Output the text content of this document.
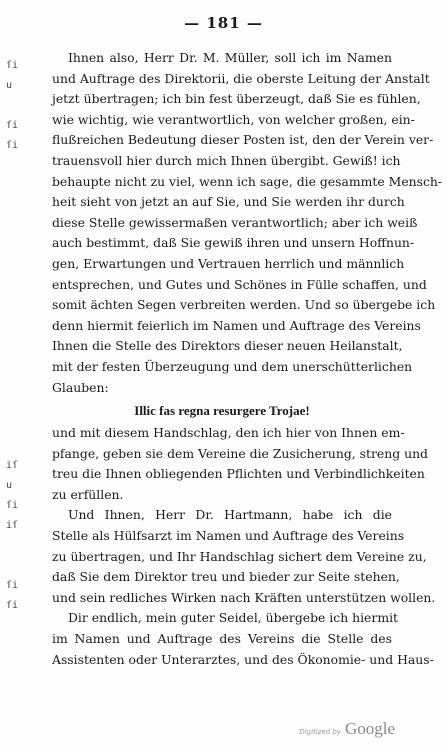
— 181 —
ſi
u

ſi
ſi

iſ
u
ſi
iſ

ſi
ſi
Ihnen also, Herr Dr. M. Müller, soll ich im Namen
und Auftrage des Direktorii, die oberste Leitung der Anstalt
jetzt übertragen; ich bin fest überzeugt, daß Sie es fühlen,
wie wichtig, wie verantwortlich, von welcher großen, ein-
flußreichen Bedeutung dieser Posten ist, den der Verein ver-
trauensvoll hier durch mich Ihnen übergibt. Gewiß! ich
behaupte nicht zu viel, wenn ich sage, die gesammte Mensch-
heit sieht von jetzt an auf Sie, und Sie werden ihr durch
diese Stelle gewissermaßen verantwortlich; aber ich weiß
auch bestimmt, daß Sie gewiß ihren und unsern Hoffnun-
gen, Erwartungen und Vertrauen herrlich und männlich
entsprechen, und Gutes und Schönes in Fülle schaffen, und
somit ächten Segen verbreiten werden. Und so übergebe ich
denn hiermit feierlich im Namen und Auftrage des Vereins
Ihnen die Stelle des Direktors dieser neuen Heilanstalt,
mit der festen Überzeugung und dem unerschütterlichen
Glauben:
Illic fas regna resurgere Trojae!
und mit diesem Handschlag, den ich hier von Ihnen em-
pfange, geben sie dem Vereine die Zusicherung, streng und
treu die Ihnen obliegenden Pflichten und Verbindlichkeiten
zu erfüllen.
Und Ihnen, Herr Dr. Hartmann, habe ich die
Stelle als Hülfsarzt im Namen und Auftrage des Vereins
zu übertragen, und Ihr Handschlag sichert dem Vereine zu,
daß Sie dem Direktor treu und bieder zur Seite stehen,
und sein redliches Wirken nach Kräften unterstützen wollen.
Dir endlich, mein guter Seidel, übergebe ich hiermit
im Namen und Auftrage des Vereins die Stelle des
Assistenten oder Unterarztes, und des Ökonomie- und Haus-
Digitized by Google
